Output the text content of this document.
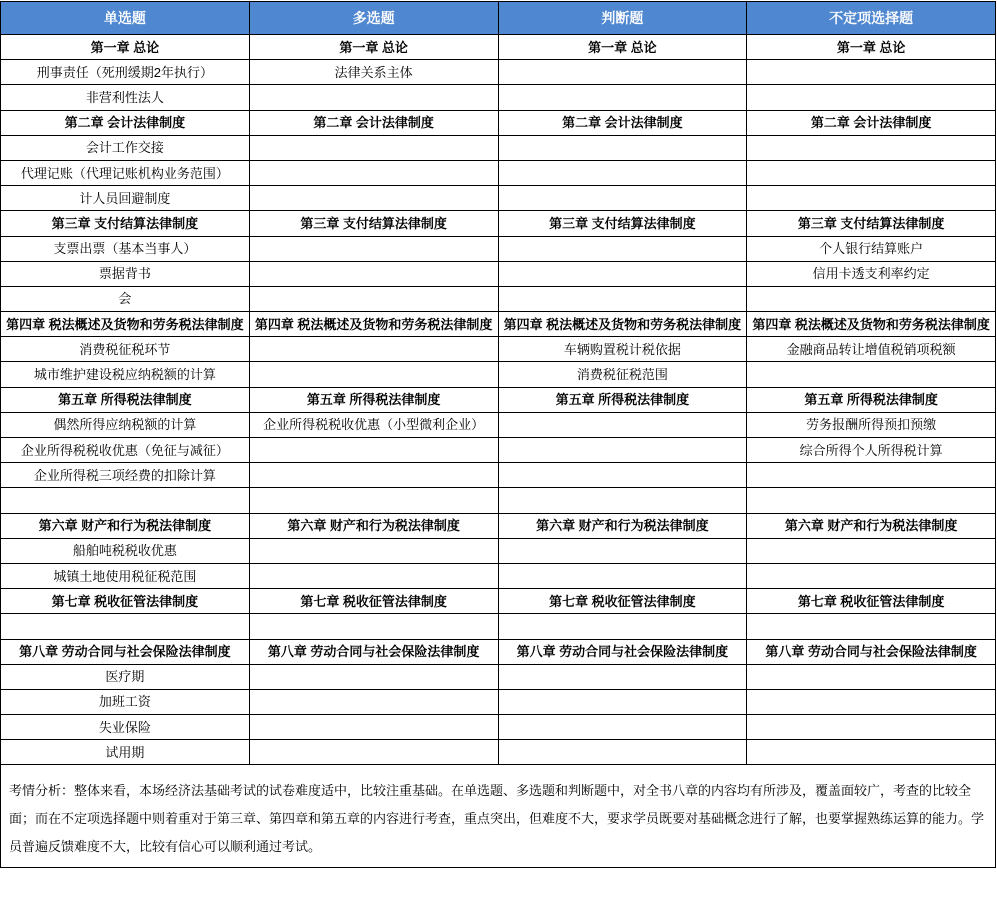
单选题	多选题	判断题	不定项选择题
第一章 总论	第一章 总论	第一章 总论	第一章 总论
刑事责任（死刑缓期2年执行）	法律关系主体		
非营利性法人			
第二章 会计法律制度	第二章 会计法律制度	第二章 会计法律制度	第二章 会计法律制度
会计工作交接			
代理记账（代理记账机构业务范围）			
计人员回避制度			
第三章 支付结算法律制度	第三章 支付结算法律制度	第三章 支付结算法律制度	第三章 支付结算法律制度
支票出票（基本当事人）			个人银行结算账户
票据背书			信用卡透支利率约定
会			
第四章 税法概述及货物和劳务税法律制度	第四章 税法概述及货物和劳务税法律制度	第四章 税法概述及货物和劳务税法律制度	第四章 税法概述及货物和劳务税法律制度
消费税征税环节		车辆购置税计税依据	金融商品转让增值税销项税额
城市维护建设税应纳税额的计算		消费税征税范围	
第五章 所得税法律制度	第五章 所得税法律制度	第五章 所得税法律制度	第五章 所得税法律制度
偶然所得应纳税额的计算	企业所得税税收优惠（小型微利企业）		劳务报酬所得预扣预缴
企业所得税税收优惠（免征与减征）			综合所得个人所得税计算
企业所得税三项经费的扣除计算			

第六章 财产和行为税法律制度	第六章 财产和行为税法律制度	第六章 财产和行为税法律制度	第六章 财产和行为税法律制度
船舶吨税税收优惠			
城镇土地使用税征税范围			
第七章 税收征管法律制度	第七章 税收征管法律制度	第七章 税收征管法律制度	第七章 税收征管法律制度

第八章 劳动合同与社会保险法律制度	第八章 劳动合同与社会保险法律制度	第八章 劳动合同与社会保险法律制度	第八章 劳动合同与社会保险法律制度
医疗期			
加班工资			
失业保险			
试用期			
考情分析：整体来看，本场经济法基础考试的试卷难度适中，比较注重基础。在单选题、多选题和判断题中，对全书八章的内容均有所涉及，覆盖面较广，考查的比较全面；而在不定项选择题中则着重对于第三章、第四章和第五章的内容进行考查，重点突出，但难度不大，要求学员既要对基础概念进行了解，也要掌握熟练运算的能力。学员普遍反馈难度不大，比较有信心可以顺利通过考试。			
